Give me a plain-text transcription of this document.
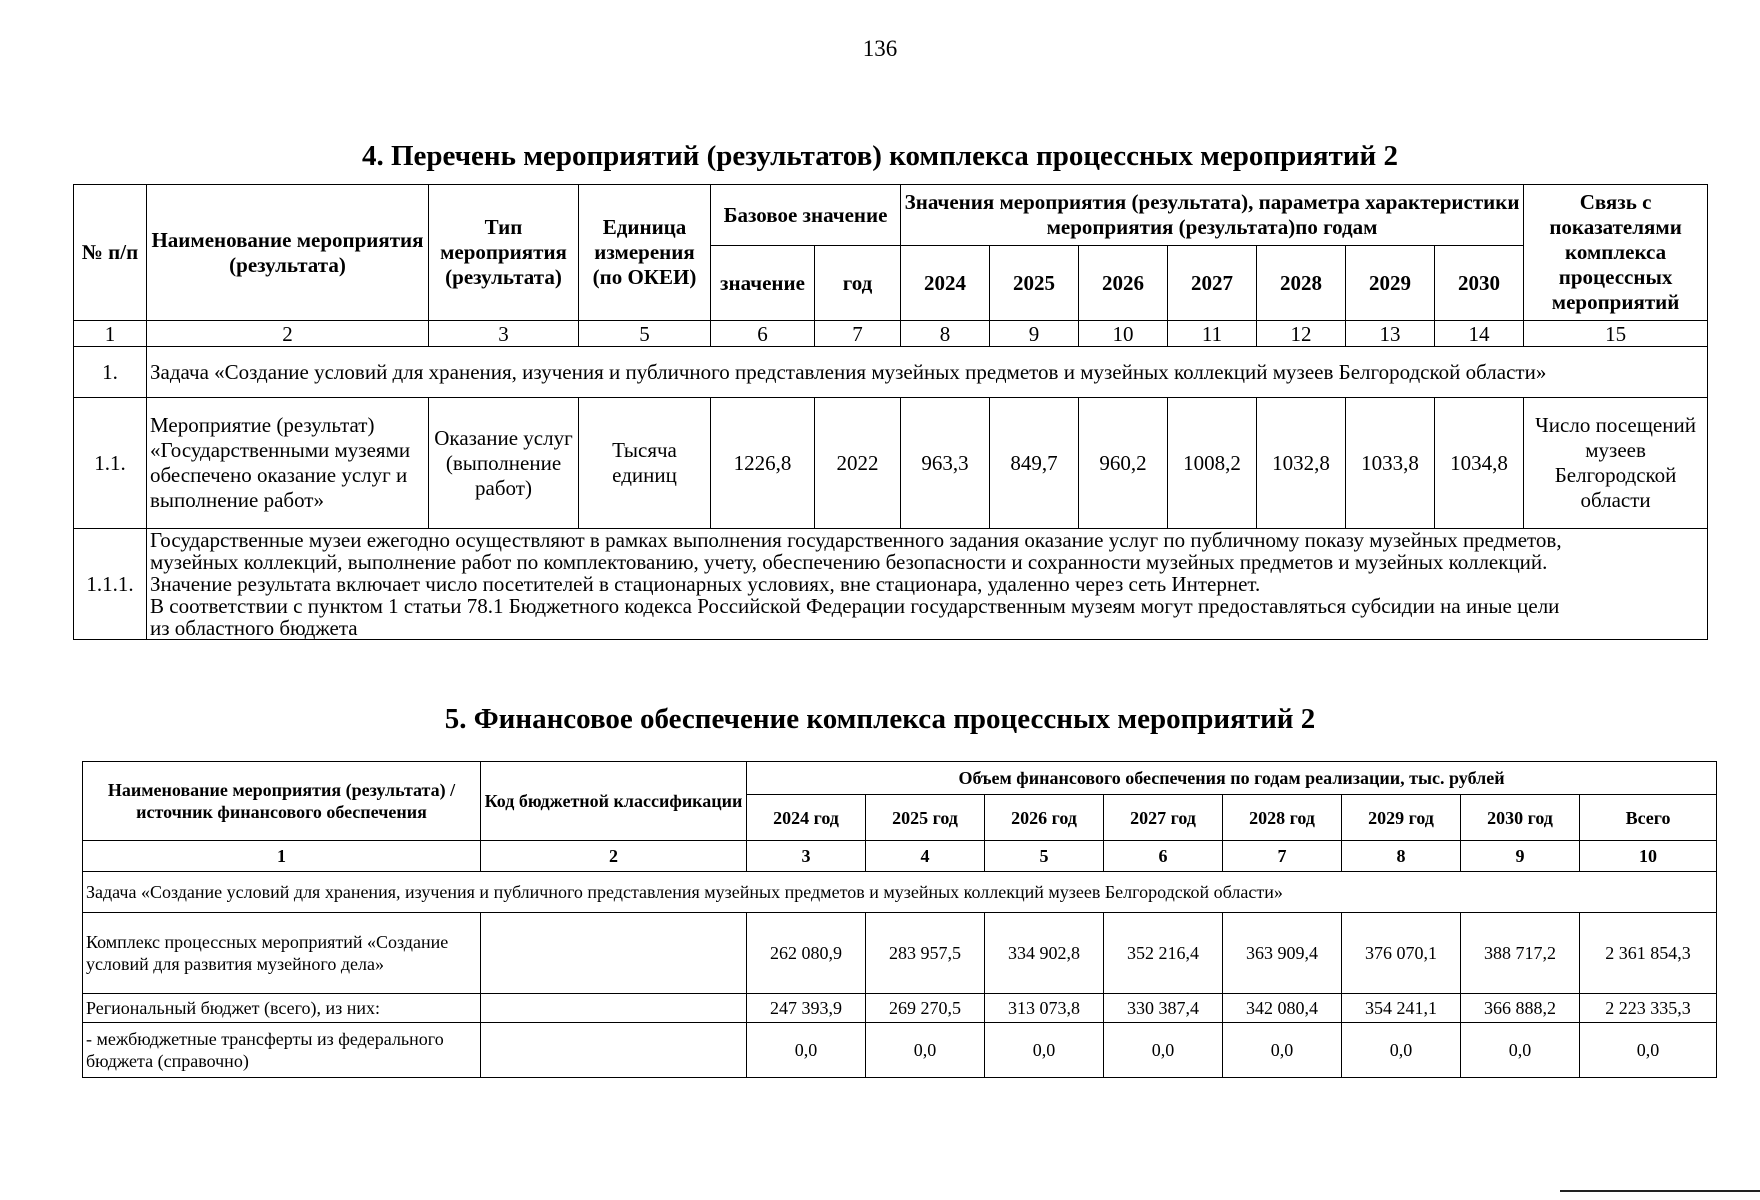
136
4. Перечень мероприятий (результатов) комплекса процессных мероприятий 2
№ п/п	Наименование мероприятия (результата)	Тип мероприятия (результата)	Единица измерения (по ОКЕИ)	Базовое значение		Значения мероприятия (результата), параметра характеристики мероприятия (результата)по годам							Связь с показателями комплекса процессных мероприятий
				значение	год	2024	2025	2026	2027	2028	2029	2030	
1	2	3	5	6	7	8	9	10	11	12	13	14	15
1.	Задача «Создание условий для хранения, изучения и публичного представления музейных предметов и музейных коллекций музеев Белгородской области»												
1.1.	Мероприятие (результат) «Государственными музеями обеспечено оказание услуг и выполнение работ»	Оказание услуг (выполнение работ)	Тысяча единиц	1226,8	2022	963,3	849,7	960,2	1008,2	1032,8	1033,8	1034,8	Число посещений музеев Белгородской области
1.1.1.	Государственные музеи ежегодно осуществляют в рамках выполнения государственного задания оказание услуг по публичному показу музейных предметов,
музейных коллекций, выполнение работ по комплектованию, учету, обеспечению безопасности и сохранности музейных предметов и музейных коллекций.
Значение результата включает число посетителей в стационарных условиях, вне стационара, удаленно через сеть Интернет.
В соответствии с пунктом 1 статьи 78.1 Бюджетного кодекса Российской Федерации государственным музеям могут предоставляться субсидии на иные цели
из областного бюджета												
5. Финансовое обеспечение комплекса процессных мероприятий 2
Наименование мероприятия (результата) / источник финансового обеспечения	Код бюджетной классификации	Объем финансового обеспечения по годам реализации, тыс. рублей							
		2024 год	2025 год	2026 год	2027 год	2028 год	2029 год	2030 год	Всего
1	2	3	4	5	6	7	8	9	10
Задача «Создание условий для хранения, изучения и публичного представления музейных предметов и музейных коллекций музеев Белгородской области»									
Комплекс процессных мероприятий «Создание условий для развития музейного дела»		262 080,9	283 957,5	334 902,8	352 216,4	363 909,4	376 070,1	388 717,2	2 361 854,3
Региональный бюджет (всего), из них:		247 393,9	269 270,5	313 073,8	330 387,4	342 080,4	354 241,1	366 888,2	2 223 335,3
- межбюджетные трансферты из федерального бюджета (справочно)		0,0	0,0	0,0	0,0	0,0	0,0	0,0	0,0
